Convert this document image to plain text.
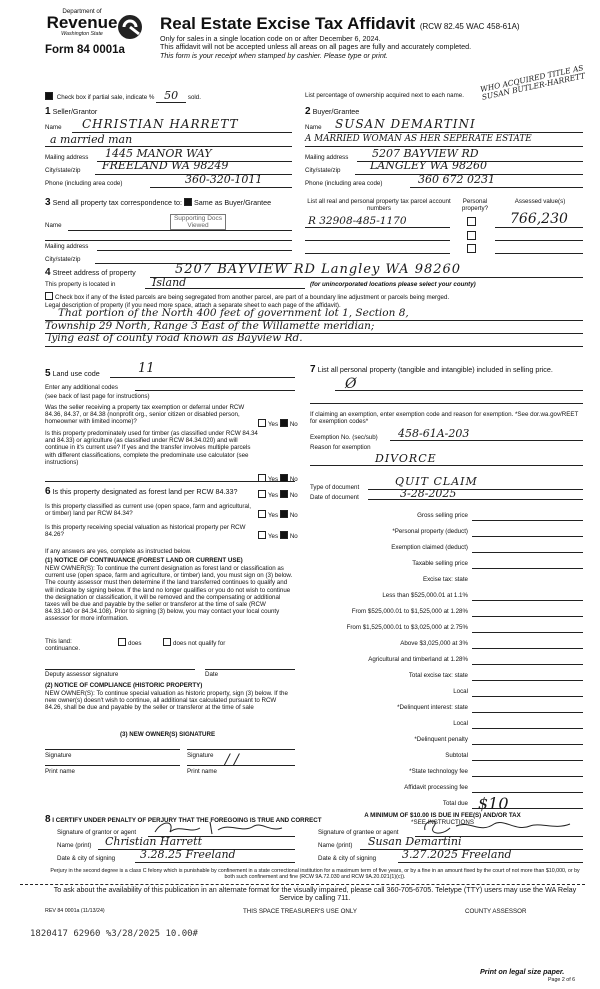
Department of
Revenue
Washington State
Form 84 0001a
Real Estate Excise Tax Affidavit (RCW 82.45 WAC 458-61A)
Only for sales in a single location code on or after December 6, 2024.
This affidavit will not be accepted unless all areas on all pages are fully and accurately completed.
This form is your receipt when stamped by cashier. Please type or print.
Check box if partial sale, indicate % 50 sold.	List percentage of ownership acquired next to each name.
WHO ACQUIRED TITLE AS SUSAN BUTLER-HARRETT
1 Seller/Grantor
Name CHRISTIAN HARRETT
a married man
Mailing address 1445 MANOR WAY
City/state/zip FREELAND WA 98249
Phone (including area code)	360-320-1011
2 Buyer/Grantee
Name SUSAN DEMARTINI
A MARRIED WOMAN AS HER SEPERATE ESTATE
Mailing address 5207 BAYVIEW RD
City/state/zip	LANGLEY WA 98260
Phone (including area code)	360 672 0231
3 Send all property tax correspondence to: Same as Buyer/Grantee
Name
Supporting Docs Viewed
Mailing address
City/state/zip
List all real and personal property tax parcel account numbers
Personal property?
Assessed value(s)
R 32908-485-1170	766,230
4 Street address of property	5207 BAYVIEW RD Langley WA 98260
This property is located in	Island	(for unincorporated locations please select your county)
Check box if any of the listed parcels are being segregated from another parcel, are part of a boundary line adjustment or parcels being merged.
Legal description of property (if you need more space, attach a separate sheet to each page of the affidavit).
That portion of the North 400 feet of government lot 1, Section 8,
Township 29 North, Range 3 East of the Willamette meridian;
lying east of county road known as Bayview Rd.
5 Land use code	11
Enter any additional codes
(see back of last page for instructions)
Was the seller receiving a property tax exemption or deferral under RCW 84.36, 84.37, or 84.38 (nonprofit org., senior citizen or disabled person, homeowner with limited income)?	Yes No
Is this property predominately used for timber (as classified under RCW 84.34 and 84.33) or agriculture (as classified under RCW 84.34.020) and will continue in it's current use? If yes and the transfer involves multiple parcels with different classifications, complete the predominate use calculator (see instructions)
Yes No
6 Is this property designated as forest land per RCW 84.33?	Yes No
Is this property classified as current use (open space, farm and agricultural, or timber) land per RCW 84.34?	Yes No
Is this property receiving special valuation as historical property per RCW 84.26?	Yes No
If any answers are yes, complete as instructed below.
(1) NOTICE OF CONTINUANCE (FOREST LAND OR CURRENT USE)
NEW OWNER(S): To continue the current designation as forest land or classification as current use (open space, farm and agriculture, or timber) land, you must sign on (3) below. The county assessor must then determine if the land transferred continues to qualify and will indicate by signing below. If the land no longer qualifies or you do not wish to continue the designation or classification, it will be removed and the compensating or additional taxes will be due and payable by the seller or transferor at the time of sale (RCW 84.33.140 or 84.34.108). Prior to signing (3) below, you may contact your local county assessor for more information.
This land:
continuance.
does	does not qualify for
Deputy assessor signature	Date
(2) NOTICE OF COMPLIANCE (HISTORIC PROPERTY)
NEW OWNER(S): To continue special valuation as historic property, sign (3) below. If the new owner(s) doesn't wish to continue, all additional tax calculated pursuant to RCW 84.26, shall be due and payable by the seller or transferor at the time of sale
(3) NEW OWNER(S) SIGNATURE
Signature	Signature
Print name	Print name
/ /
7 List all personal property (tangible and intangible) included in selling price.
Ø
If claiming an exemption, enter exemption code and reason for exemption. *See dor.wa.gov/REET for exemption codes*
Exemption No. (sec/sub) 458-61A-203
Reason for exemption
DIVORCE
Type of document	QUIT CLAIM
Date of document	3-28-2025
Gross selling price
*Personal property (deduct)
Exemption claimed (deduct)
Taxable selling price
Excise tax: state
Less than $525,000.01 at 1.1%
From $525,000.01 to $1,525,000 at 1.28%
From $1,525,000.01 to $3,025,000 at 2.75%
Above $3,025,000 at 3%
Agricultural and timberland at 1.28%
Total excise tax: state
Local
*Delinquent interest: state
Local
*Delinquent penalty
Subtotal
*State technology fee
Affidavit processing fee
Total due $10
A MINIMUM OF $10.00 IS DUE IN FEE(S) AND/OR TAX
*SEE INSTRUCTIONS
8 I CERTIFY UNDER PENALTY OF PERJURY THAT THE FOREGOING IS TRUE AND CORRECT
Signature of grantor or agent
Name (print) Christian Harrett
Date & city of signing 3.28.25 Freeland
Signature of grantee or agent
Name (print) Susan Demartini
Date & city of signing 3.27.2025 Freeland
Perjury in the second degree is a class C felony which is punishable by confinement in a state correctional institution for a maximum term of five years, or by a fine in an amount fixed by the court of not more than $10,000, or by both such confinement and fine (RCW 9A.72.030 and RCW 9A.20.021(1)(c)).
To ask about the availability of this publication in an alternate format for the visually impaired, please call 360-705-6705. Teletype (TTY) users may use the WA Relay Service by calling 711.
REV 84 0001a (11/13/24)	THIS SPACE TREASURER'S USE ONLY	COUNTY ASSESSOR
1820417 62960 %3/28/2025 10.00#
Print on legal size paper.
Page 2 of 6
